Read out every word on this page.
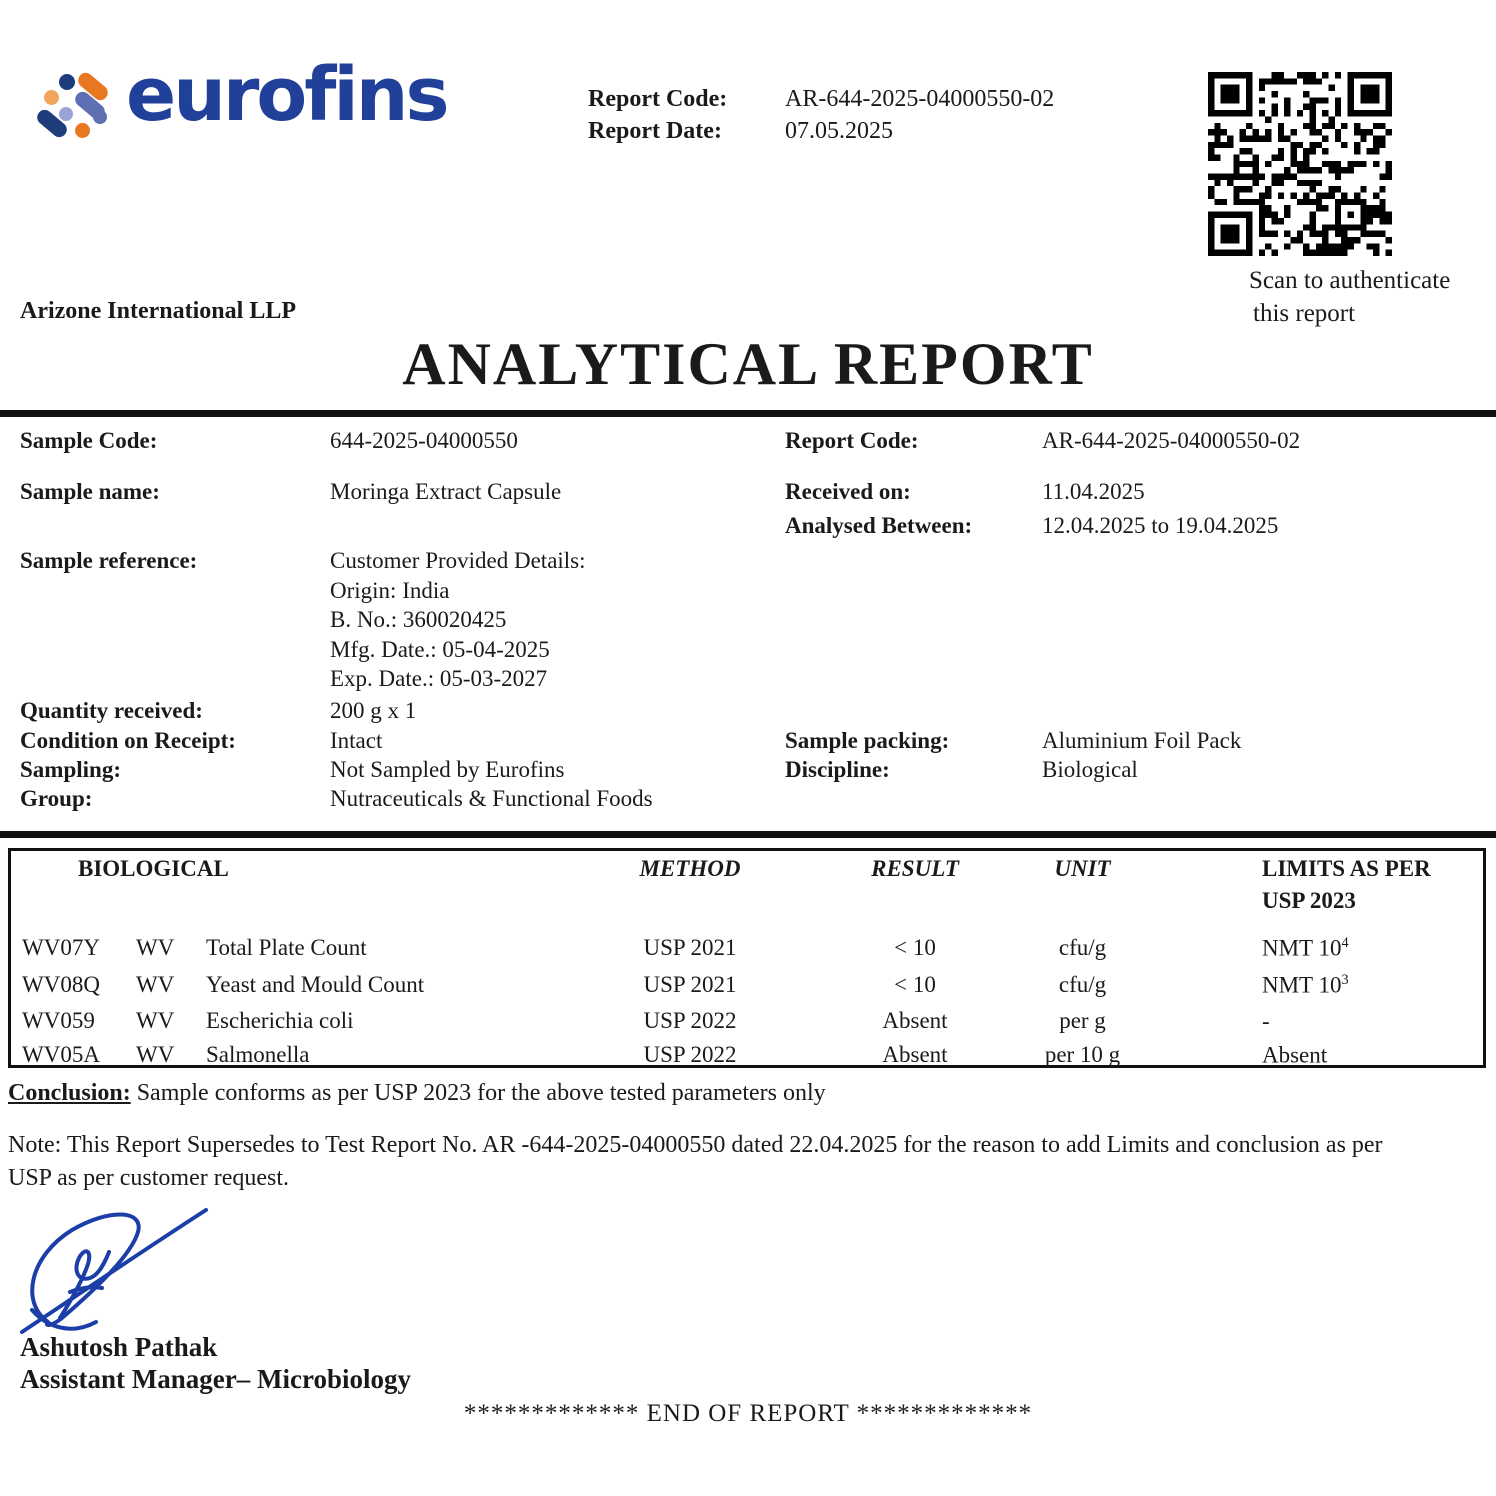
eurofins	Report Code: AR-644-2025-04000550-02
Report Date:	07.05.2025
Scan to authenticate
this report
Arizone International LLP
ANALYTICAL REPORT
Sample Code:	644-2025-04000550
Sample name:	Moringa Extract Capsule
Sample reference:	Customer Provided Details:
Origin: India
B. No.: 360020425
Mfg. Date.: 05-04-2025
Exp. Date.: 05-03-2027
Quantity received:	200 g x 1
Condition on Receipt:	Intact
Sampling:	Not Sampled by Eurofins
Group:	Nutraceuticals & Functional Foods
Report Code:	AR-644-2025-04000550-02
Received on:	11.04.2025
Analysed Between:	12.04.2025 to 19.04.2025
Sample packing:	Aluminium Foil Pack
Discipline:	Biological
BIOLOGICAL	METHOD	RESULT	UNIT	LIMITS AS PER
USP 2023
WV07Y WV Total Plate Count	USP 2021	< 10	cfu/g	NMT $10^4$
WV08Q WV Yeast and Mould Count	USP 2021	< 10	cfu/g	NMT $10^3$
WV059 WV Escherichia coli	USP 2022	Absent	per g	-
WV05A WV Salmonella	USP 2022	Absent	per 10 g	Absent
Conclusion: Sample conforms as per USP 2023 for the above tested parameters only
Note: This Report Supersedes to Test Report No. AR -644-2025-04000550 dated 22.04.2025 for the reason to add Limits and conclusion as per
USP as per customer request.
Ashutosh Pathak
Assistant Manager– Microbiology
************* END OF REPORT *************
